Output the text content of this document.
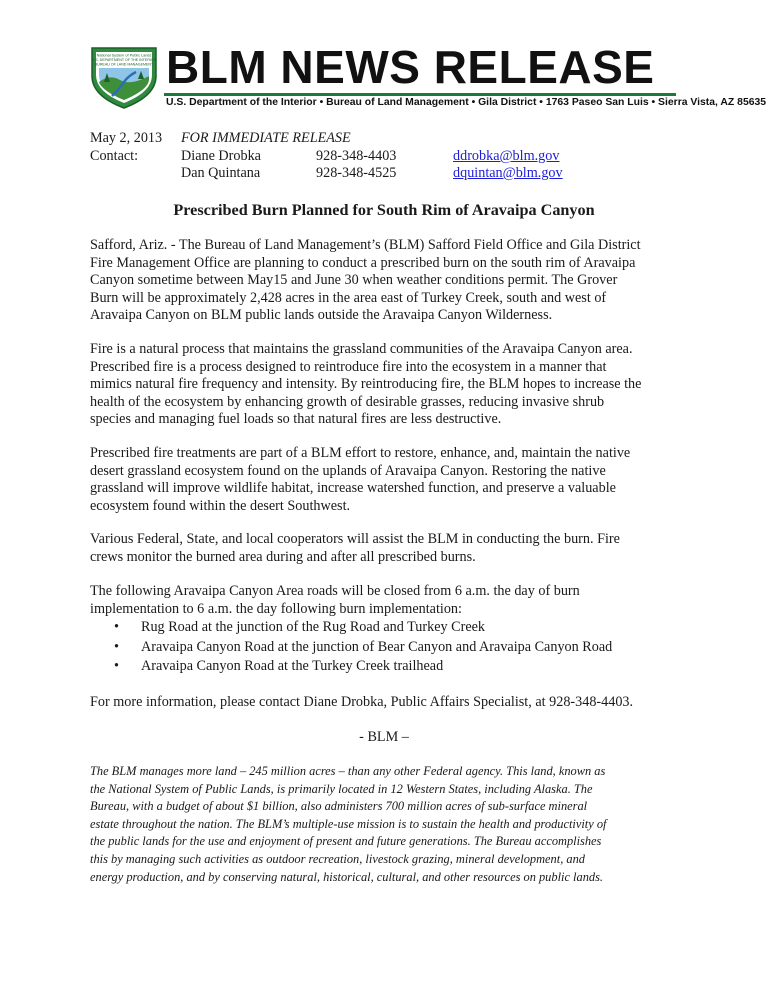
National System of Public Lands
U.S. DEPARTMENT OF THE INTERIOR
BUREAU OF LAND MANAGEMENT BLM NEWS RELEASE
U.S. Department of the Interior • Bureau of Land Management • Gila District • 1763 Paseo San Luis • Sierra Vista, AZ 85635
May 2, 2013 FOR IMMEDIATE RELEASE
Contact:	Diane Drobka	928-348-4403	ddrobka@blm.gov
Dan Quintana	928-348-4525	dquintan@blm.gov
Prescribed Burn Planned for South Rim of Aravaipa Canyon
Safford, Ariz. - The Bureau of Land Management’s (BLM) Safford Field Office and Gila District
Fire Management Office are planning to conduct a prescribed burn on the south rim of Aravaipa
Canyon sometime between May15 and June 30 when weather conditions permit. The Grover
Burn will be approximately 2,428 acres in the area east of Turkey Creek, south and west of
Aravaipa Canyon on BLM public lands outside the Aravaipa Canyon Wilderness.
Fire is a natural process that maintains the grassland communities of the Aravaipa Canyon area.
Prescribed fire is a process designed to reintroduce fire into the ecosystem in a manner that
mimics natural fire frequency and intensity. By reintroducing fire, the BLM hopes to increase the
health of the ecosystem by enhancing growth of desirable grasses, reducing invasive shrub
species and managing fuel loads so that natural fires are less destructive.
Prescribed fire treatments are part of a BLM effort to restore, enhance, and, maintain the native
desert grassland ecosystem found on the uplands of Aravaipa Canyon. Restoring the native
grassland will improve wildlife habitat, increase watershed function, and preserve a valuable
ecosystem found within the desert Southwest.
Various Federal, State, and local cooperators will assist the BLM in conducting the burn. Fire
crews monitor the burned area during and after all prescribed burns.
The following Aravaipa Canyon Area roads will be closed from 6 a.m. the day of burn
implementation to 6 a.m. the day following burn implementation:
•	Rug Road at the junction of the Rug Road and Turkey Creek
•	Aravaipa Canyon Road at the junction of Bear Canyon and Aravaipa Canyon Road
•	Aravaipa Canyon Road at the Turkey Creek trailhead
For more information, please contact Diane Drobka, Public Affairs Specialist, at 928-348-4403.
- BLM –
The BLM manages more land – 245 million acres – than any other Federal agency. This land, known as
the National System of Public Lands, is primarily located in 12 Western States, including Alaska. The
Bureau, with a budget of about $1 billion, also administers 700 million acres of sub-surface mineral
estate throughout the nation. The BLM’s multiple-use mission is to sustain the health and productivity of
the public lands for the use and enjoyment of present and future generations. The Bureau accomplishes
this by managing such activities as outdoor recreation, livestock grazing, mineral development, and
energy production, and by conserving natural, historical, cultural, and other resources on public lands.
